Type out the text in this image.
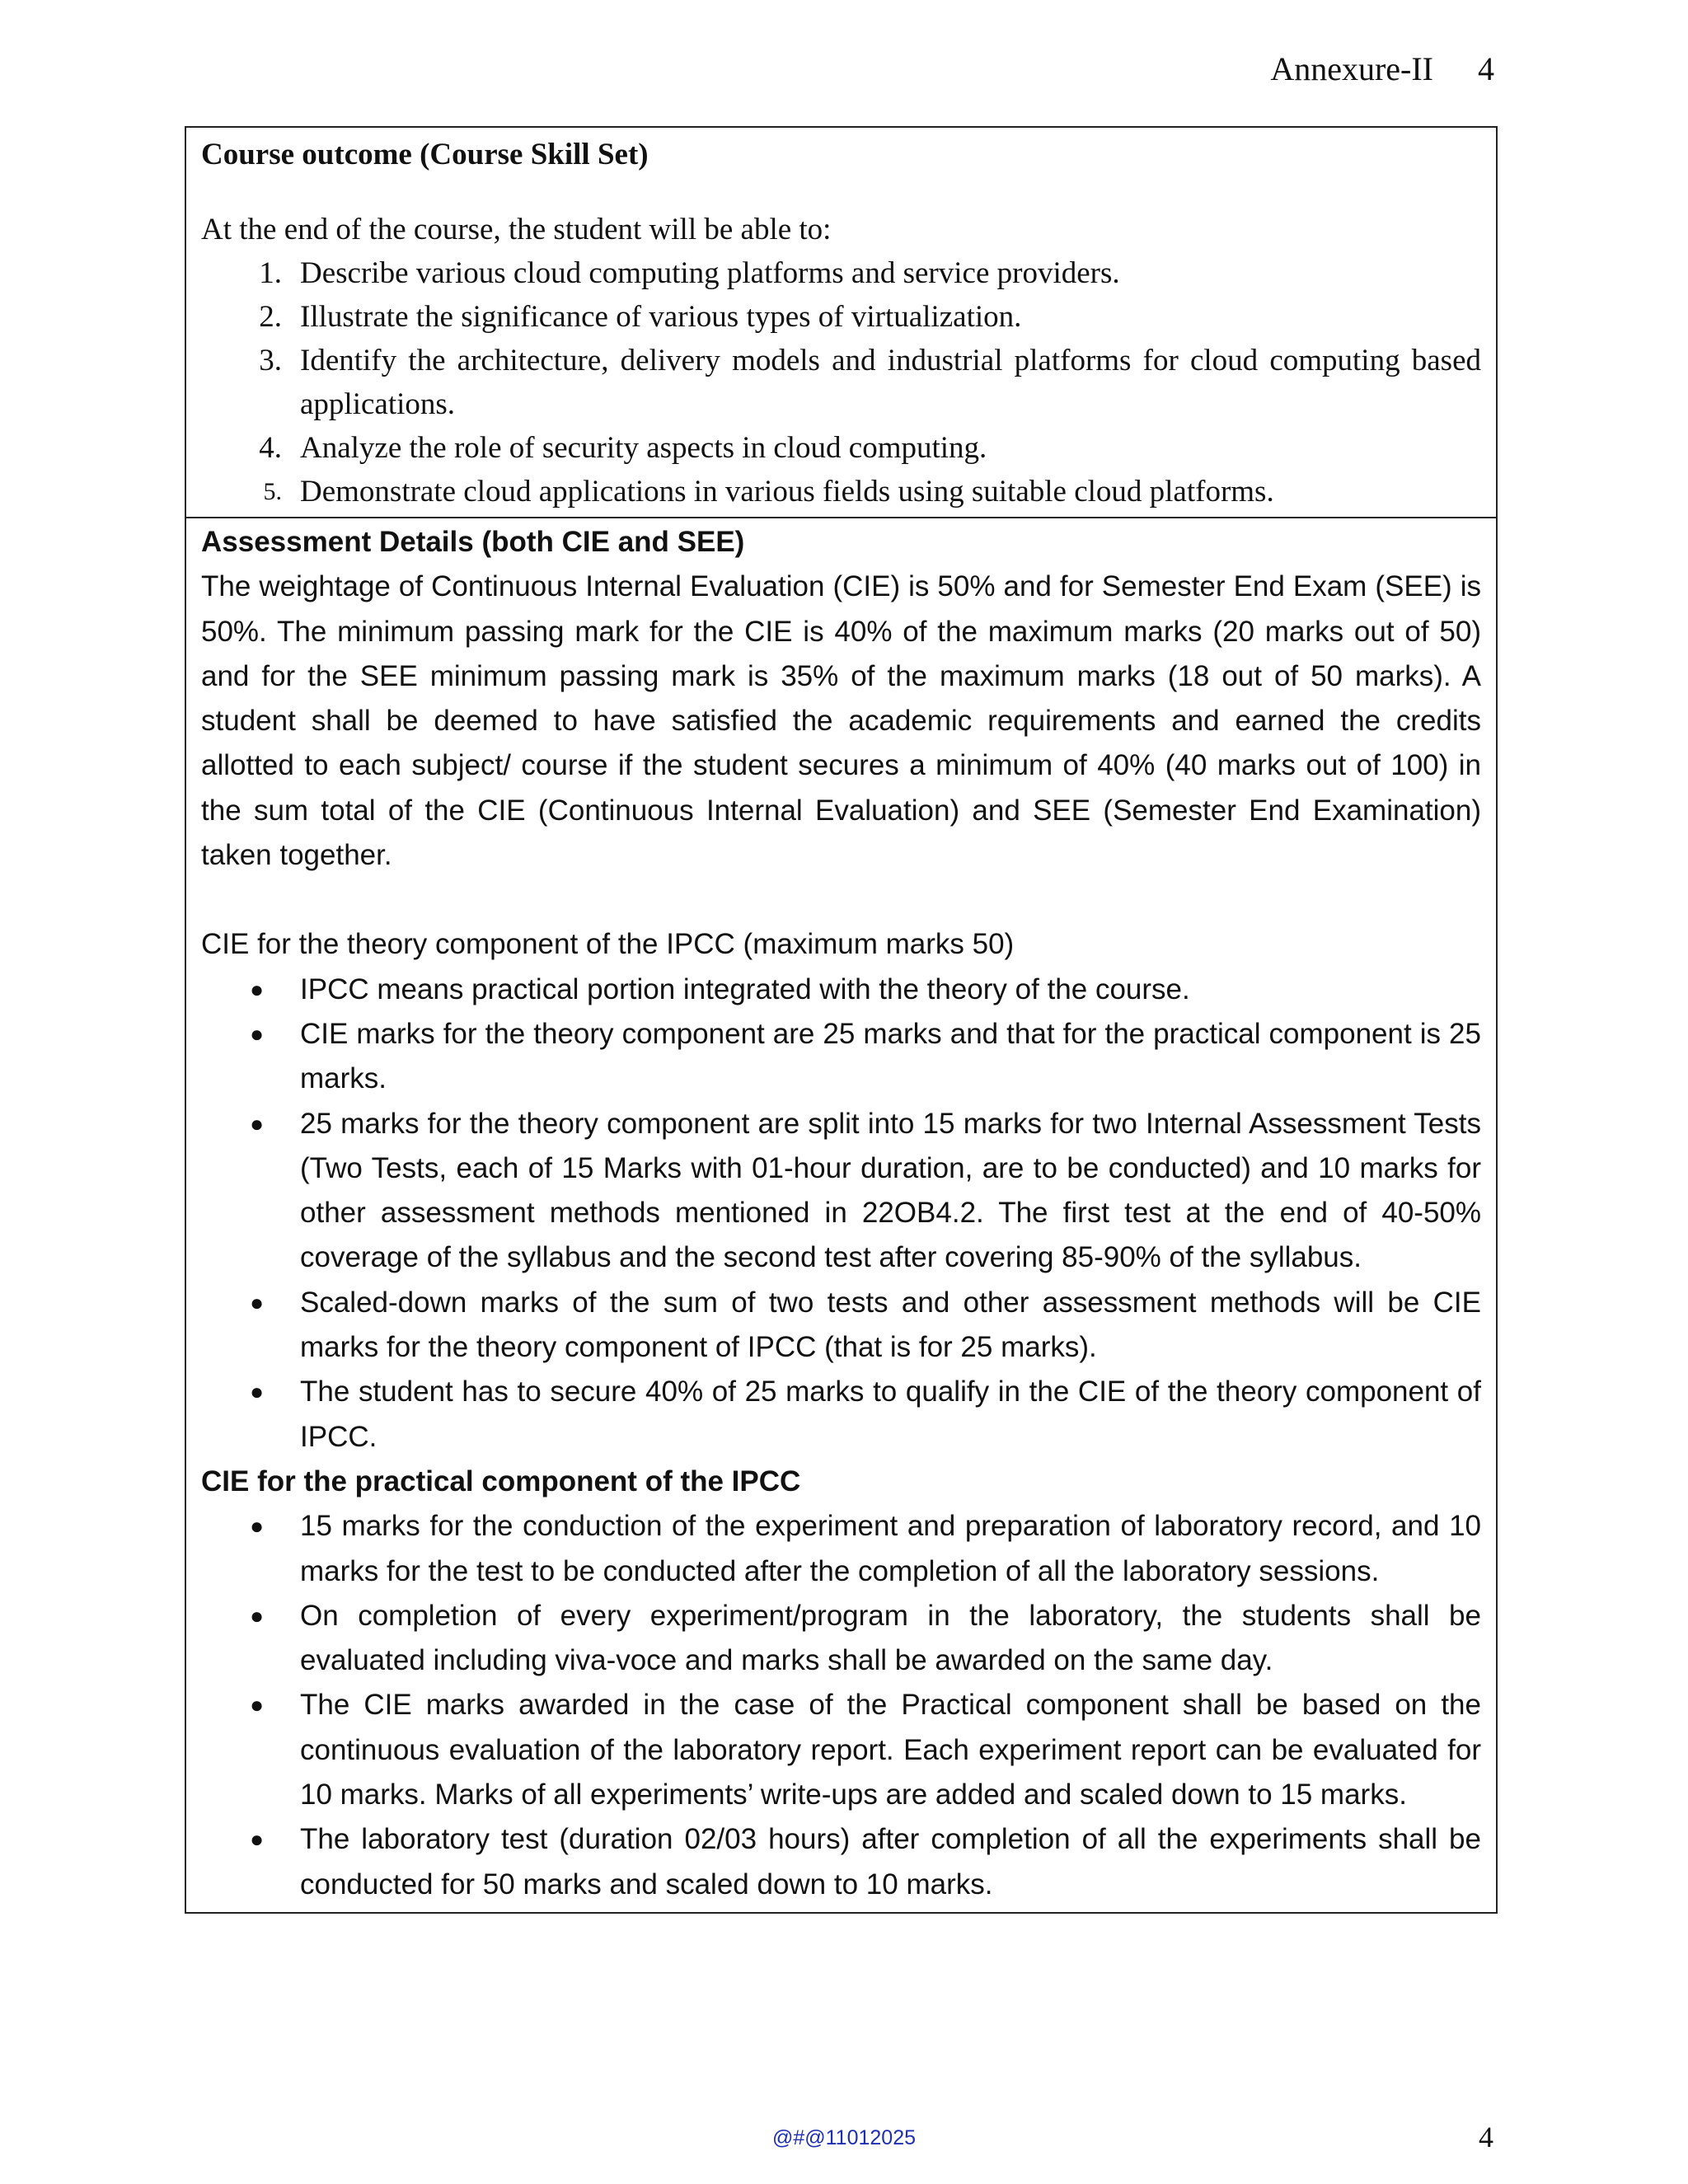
Annexure-II 4
Course outcome (Course Skill Set)
At the end of the course, the student will be able to:
1. Describe various cloud computing platforms and service providers.
2. Illustrate the significance of various types of virtualization.
3. Identify the architecture, delivery models and industrial platforms for cloud computing based applications.
4. Analyze the role of security aspects in cloud computing.
5. Demonstrate cloud applications in various fields using suitable cloud platforms.
Assessment Details (both CIE and SEE)

The weightage of Continuous Internal Evaluation (CIE) is 50% and for Semester End Exam (SEE) is 50%. The minimum passing mark for the CIE is 40% of the maximum marks (20 marks out of 50) and for the SEE minimum passing mark is 35% of the maximum marks (18 out of 50 marks). A student shall be deemed to have satisfied the academic requirements and earned the credits allotted to each subject/ course if the student secures a minimum of 40% (40 marks out of 100) in the sum total of the CIE (Continuous Internal Evaluation) and SEE (Semester End Examination) taken together.

CIE for the theory component of the IPCC (maximum marks 50)
●	IPCC means practical portion integrated with the theory of the course.
●	CIE marks for the theory component are 25 marks and that for the practical component is 25 marks.
●	25 marks for the theory component are split into 15 marks for two Internal Assessment Tests (Two Tests, each of 15 Marks with 01-hour duration, are to be conducted) and 10 marks for other assessment methods mentioned in 22OB4.2. The first test at the end of 40-50% coverage of the syllabus and the second test after covering 85-90% of the syllabus.
●	Scaled-down marks of the sum of two tests and other assessment methods will be CIE marks for the theory component of IPCC (that is for 25 marks).
●	The student has to secure 40% of 25 marks to qualify in the CIE of the theory component of IPCC.
CIE for the practical component of the IPCC
●	15 marks for the conduction of the experiment and preparation of laboratory record, and 10 marks for the test to be conducted after the completion of all the laboratory sessions.
●	On completion of every experiment/program in the laboratory, the students shall be evaluated including viva-voce and marks shall be awarded on the same day.
●	The CIE marks awarded in the case of the Practical component shall be based on the continuous evaluation of the laboratory report. Each experiment report can be evaluated for 10 marks. Marks of all experiments’ write-ups are added and scaled down to 15 marks.
●	The laboratory test (duration 02/03 hours) after completion of all the experiments shall be conducted for 50 marks and scaled down to 10 marks.
@#@11012025	4
